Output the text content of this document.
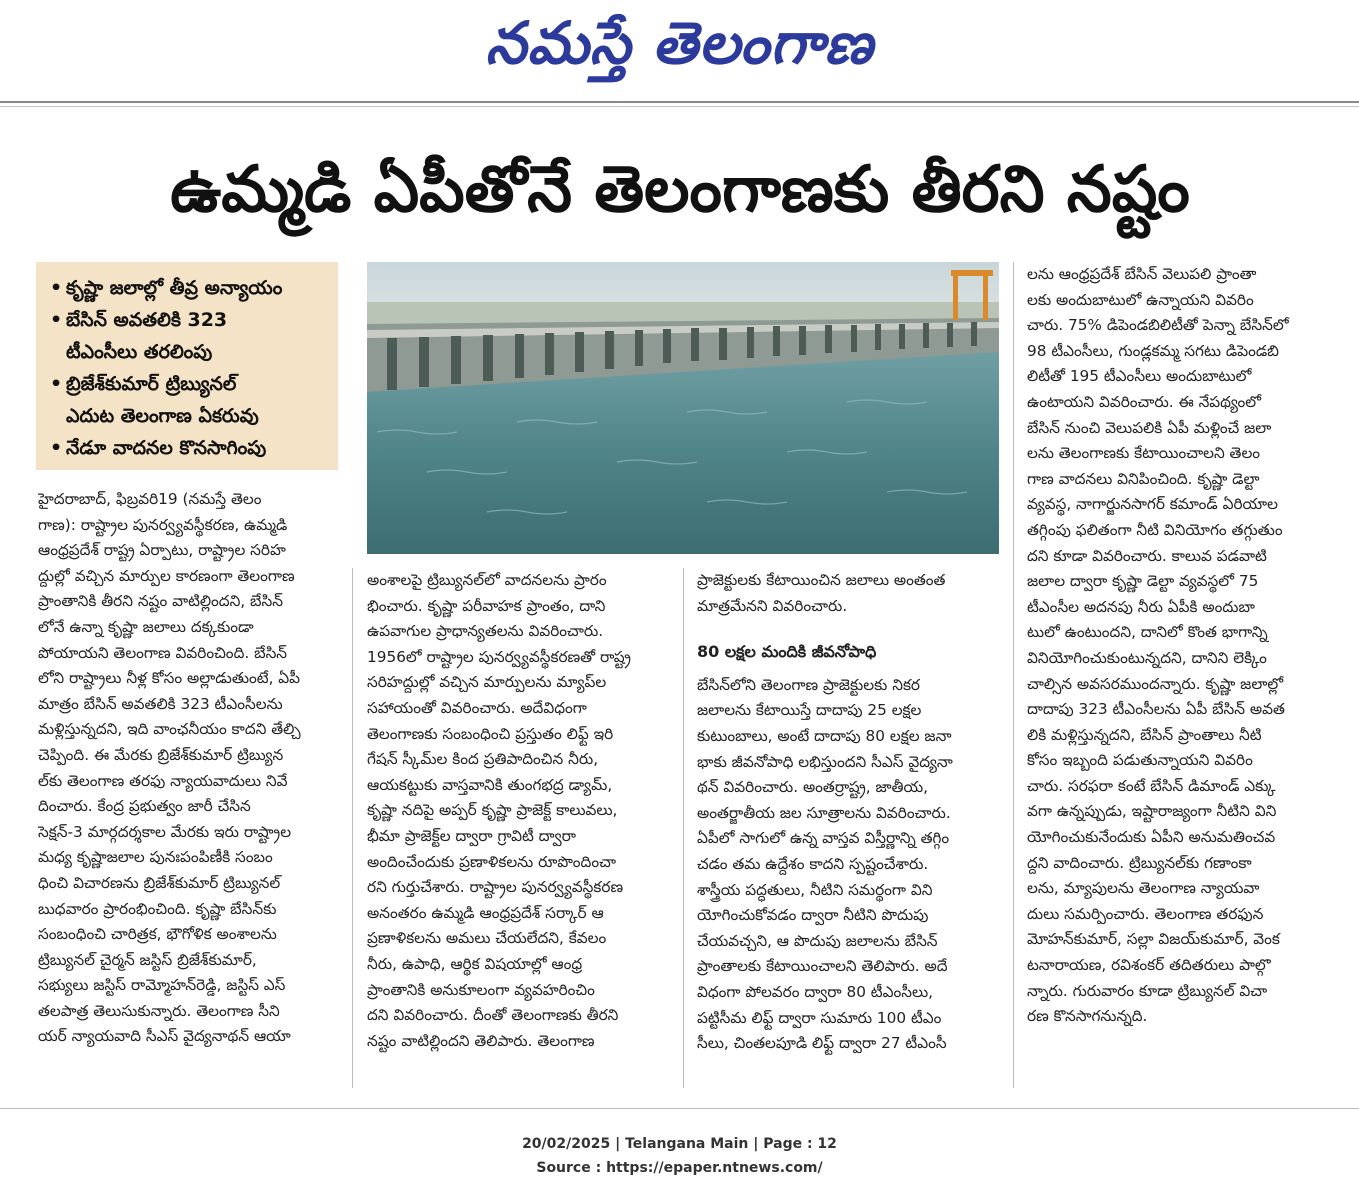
నమస్తే తెలంగాణ
ఉమ్మడి ఏపీతోనే తెలంగాణకు తీరని నష్టం
• కృష్ణా జలాల్లో తీవ్ర అన్యాయం
• బేసిన్ అవతలికి 323
టీఎంసీలు తరలింపు
• బ్రిజేశ్‌కుమార్ ట్రిబ్యునల్
ఎదుట తెలంగాణ ఏకరువు
• నేడూ వాదనల కొనసాగింపు
హైదరాబాద్, ఫిబ్రవరి19 (నమస్తే తెలం
గాణ): రాష్ట్రాల పునర్వ్యవస్థీకరణ, ఉమ్మడి
ఆంధ్రప్రదేశ్ రాష్ట్ర ఏర్పాటు, రాష్ట్రాల సరిహ
ద్దుల్లో వచ్చిన మార్పుల కారణంగా తెలంగాణ
ప్రాంతానికి తీరని నష్టం వాటిల్లిందని, బేసిన్
లోనే ఉన్నా కృష్ణా జలాలు దక్కకుండా
పోయాయని తెలంగాణ వివరించింది. బేసిన్
లోని రాష్ట్రాలు నీళ్ల కోసం అల్లాడుతుంటే, ఏపీ
మాత్రం బేసిన్ అవతలికి 323 టీఎంసీలను
మళ్లిస్తున్నదని, ఇది వాంఛనీయం కాదని తేల్చి
చెప్పింది. ఈ మేరకు బ్రిజేశ్‌కుమార్ ట్రిబ్యున
ల్‌కు తెలంగాణ తరఫు న్యాయవాదులు నివే
దించారు. కేంద్ర ప్రభుత్వం జారీ చేసిన
సెక్షన్-3 మార్గదర్శకాల మేరకు ఇరు రాష్ట్రాల
మధ్య కృష్ణాజలాల పునఃపంపిణీకి సంబం
ధించి విచారణను బ్రిజేశ్‌కుమార్ ట్రిబ్యునల్
బుధవారం ప్రారంభించింది. కృష్ణా బేసిన్‌కు
సంబంధించి చారిత్రక, భౌగోళిక అంశాలను
ట్రిబ్యునల్ చైర్మన్ జస్టిస్ బ్రిజేశ్‌కుమార్,
సభ్యులు జస్టిస్ రామ్మోహన్‌రెడ్డి, జస్టిస్ ఎస్
తలపాత్ర తెలుసుకున్నారు. తెలంగాణ సీని
యర్ న్యాయవాది సీఎస్ వైద్యనాథన్ ఆయా
అంశాలపై ట్రిబ్యునల్‌లో వాదనలను ప్రారం
భించారు. కృష్ణా పరీవాహక ప్రాంతం, దాని
ఉపవాగుల ప్రాధాన్యతలను వివరించారు.
1956లో రాష్ట్రాల పునర్వ్యవస్థీకరణతో రాష్ట్ర
సరిహద్దుల్లో వచ్చిన మార్పులను మ్యాప్‌ల
సహాయంతో వివరించారు. అదేవిధంగా
తెలంగాణకు సంబంధించి ప్రస్తుతం లిఫ్ట్ ఇరి
గేషన్ స్కీమ్‌ల కింద ప్రతిపాదించిన నీరు,
ఆయకట్టుకు వాస్తవానికి తుంగభద్ర డ్యామ్,
కృష్ణా నదిపై అప్పర్ కృష్ణా ప్రాజెక్ట్ కాలువలు,
భీమా ప్రాజెక్ట్‌ల ద్వారా గ్రావిటీ ద్వారా
అందించేందుకు ప్రణాళికలను రూపొందించా
రని గుర్తుచేశారు. రాష్ట్రాల పునర్వ్యవస్థీకరణ
అనంతరం ఉమ్మడి ఆంధ్రప్రదేశ్ సర్కార్ ఆ
ప్రణాళికలను అమలు చేయలేదని, కేవలం
నీరు, ఉపాధి, ఆర్థిక విషయాల్లో ఆంధ్ర
ప్రాంతానికి అనుకూలంగా వ్యవహరించిం
దని వివరించారు. దీంతో తెలంగాణకు తీరని
నష్టం వాటిల్లిందని తెలిపారు. తెలంగాణ
ప్రాజెక్టులకు కేటాయించిన జలాలు అంతంత
మాత్రమేనని వివరించారు.
80 లక్షల మందికి జీవనోపాధి
బేసిన్‌లోని తెలంగాణ ప్రాజెక్టులకు నికర
జలాలను కేటాయిస్తే దాదాపు 25 లక్షల
కుటుంబాలు, అంటే దాదాపు 80 లక్షల జనా
భాకు జీవనోపాధి లభిస్తుందని సీఎస్ వైద్యనా
థన్ వివరించారు. అంతర్రాష్ట్ర, జాతీయ,
అంతర్జాతీయ జల సూత్రాలను వివరించారు.
ఏపీలో సాగులో ఉన్న వాస్తవ విస్తీర్ణాన్ని తగ్గిం
చడం తమ ఉద్దేశం కాదని స్పష్టంచేశారు.
శాస్త్రీయ పద్ధతులు, నీటిని సమర్థంగా విని
యోగించుకోవడం ద్వారా నీటిని పొదుపు
చేయవచ్చని, ఆ పొదుపు జలాలను బేసిన్
ప్రాంతాలకు కేటాయించాలని తెలిపారు. అదే
విధంగా పోలవరం ద్వారా 80 టీఎంసీలు,
పట్టిసీమ లిఫ్ట్ ద్వారా సుమారు 100 టీఎం
సీలు, చింతలపూడి లిఫ్ట్ ద్వారా 27 టీఎంసీ
లను ఆంధ్రప్రదేశ్ బేసిన్ వెలుపలి ప్రాంతా
లకు అందుబాటులో ఉన్నాయని వివరిం
చారు. 75% డిపెండబిలిటీతో పెన్నా బేసిన్‌లో
98 టీఎంసీలు, గుండ్లకమ్మ సగటు డిపెండబి
లిటీతో 195 టీఎంసీలు అందుబాటులో
ఉంటాయని వివరించారు. ఈ నేపథ్యంలో
బేసిన్ నుంచి వెలుపలికి ఏపీ మళ్లించే జలా
లను తెలంగాణకు కేటాయించాలని తెలం
గాణ వాదనలు వినిపించింది. కృష్ణా డెల్టా
వ్యవస్థ, నాగార్జునసాగర్ కమాండ్ ఏరియాల
తగ్గింపు ఫలితంగా నీటి వినియోగం తగ్గుతుం
దని కూడా వివరించారు. కాలువ పడవాటి
జలాల ద్వారా కృష్ణా డెల్టా వ్యవస్థలో 75
టీఎంసీల అదనపు నీరు ఏపీకి అందుబా
టులో ఉంటుందని, దానిలో కొంత భాగాన్ని
వినియోగించుకుంటున్నదని, దానిని లెక్కిం
చాల్సిన అవసరముందన్నారు. కృష్ణా జలాల్లో
దాదాపు 323 టీఎంసీలను ఏపీ బేసిన్ అవత
లికి మళ్లిస్తున్నదని, బేసిన్ ప్రాంతాలు నీటి
కోసం ఇబ్బంది పడుతున్నాయని వివరిం
చారు. సరఫరా కంటే బేసిన్ డిమాండ్ ఎక్కు
వగా ఉన్నప్పుడు, ఇష్టారాజ్యంగా నీటిని విని
యోగించుకునేందుకు ఏపీని అనుమతించవ
ద్దని వాదించారు. ట్రిబ్యునల్‌కు గణాంకా
లను, మ్యాపులను తెలంగాణ న్యాయవా
దులు సమర్పించారు. తెలంగాణ తరఫున
మోహన్‌కుమార్, సల్లా విజయ్‌కుమార్, వెంక
టనారాయణ, రవిశంకర్ తదితరులు పాల్గొ
న్నారు. గురువారం కూడా ట్రిబ్యునల్ విచా
రణ కొనసాగనున్నది.
20/02/2025 | Telangana Main | Page : 12
Source : https://epaper.ntnews.com/
